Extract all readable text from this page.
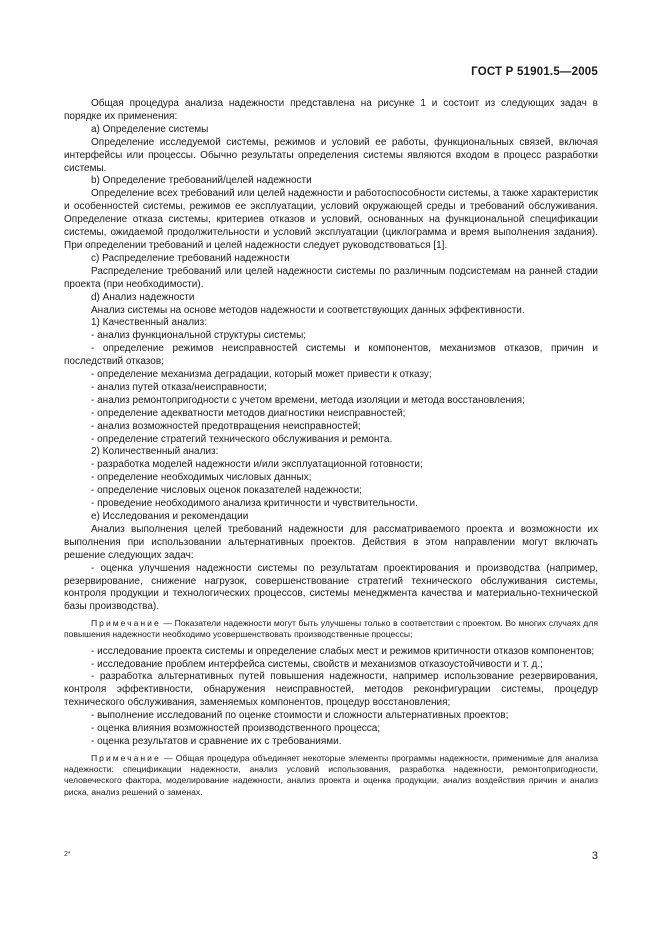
ГОСТ Р 51901.5—2005

Общая процедура анализа надежности представлена на рисунке 1 и состоит из следующих задач в порядке их применения:

a) Определение системы

Определение исследуемой системы, режимов и условий ее работы, функциональных связей, включая интерфейсы или процессы. Обычно результаты определения системы являются входом в процесс разработки системы.

b) Определение требований/целей надежности

Определение всех требований или целей надежности и работоспособности системы, а также характеристик и особенностей системы, режимов ее эксплуатации, условий окружающей среды и требований обслуживания. Определение отказа системы, критериев отказов и условий, основанных на функциональной спецификации системы, ожидаемой продолжительности и условий эксплуатации (циклограмма и время выполнения задания). При определении требований и целей надежности следует руководствоваться [1].

c) Распределение требований надежности

Распределение требований или целей надежности системы по различным подсистемам на ранней стадии проекта (при необходимости).

d) Анализ надежности

Анализ системы на основе методов надежности и соответствующих данных эффективности.

1) Качественный анализ:

- анализ функциональной структуры системы;

- определение режимов неисправностей системы и компонентов, механизмов отказов, причин и последствий отказов;

- определение механизма деградации, который может привести к отказу;

- анализ путей отказа/неисправности;

- анализ ремонтопригодности с учетом времени, метода изоляции и метода восстановления;

- определение адекватности методов диагностики неисправностей;

- анализ возможностей предотвращения неисправностей;

- определение стратегий технического обслуживания и ремонта.

2) Количественный анализ:

- разработка моделей надежности и/или эксплуатационной готовности;

- определение необходимых числовых данных;

- определение числовых оценок показателей надежности;

- проведение необходимого анализа критичности и чувствительности.

e) Исследования и рекомендации

Анализ выполнения целей требований надежности для рассматриваемого проекта и возможности их выполнения при использовании альтернативных проектов. Действия в этом направлении могут включать решение следующих задач:

- оценка улучшения надежности системы по результатам проектирования и производства (например, резервирование, снижение нагрузок, совершенствование стратегий технического обслуживания системы, контроля продукции и технологических процессов, системы менеджмента качества и материально-технической базы производства).

Примечание — Показатели надежности могут быть улучшены только в соответствии с проектом. Во многих случаях для повышения надежности необходимо усовершенствовать производственные процессы;

- исследование проекта системы и определение слабых мест и режимов критичности отказов компонентов;

- исследование проблем интерфейса системы, свойств и механизмов отказоустойчивости и т. д.;

- разработка альтернативных путей повышения надежности, например использование резервирования, контроля эффективности, обнаружения неисправностей, методов реконфигурации системы, процедур технического обслуживания, заменяемых компонентов, процедур восстановления;

- выполнение исследований по оценке стоимости и сложности альтернативных проектов;

- оценка влияния возможностей производственного процесса;

- оценка результатов и сравнение их с требованиями.

Примечание — Общая процедура объединяет некоторые элементы программы надежности, применимые для анализа надежности: спецификации надежности, анализ условий использования, разработка надежности, ремонтопригодности, человеческого фактора, моделирование надежности, анализ проекта и оценка продукции, анализ воздействия причин и анализ риска, анализ решений о заменах.

2*	3
